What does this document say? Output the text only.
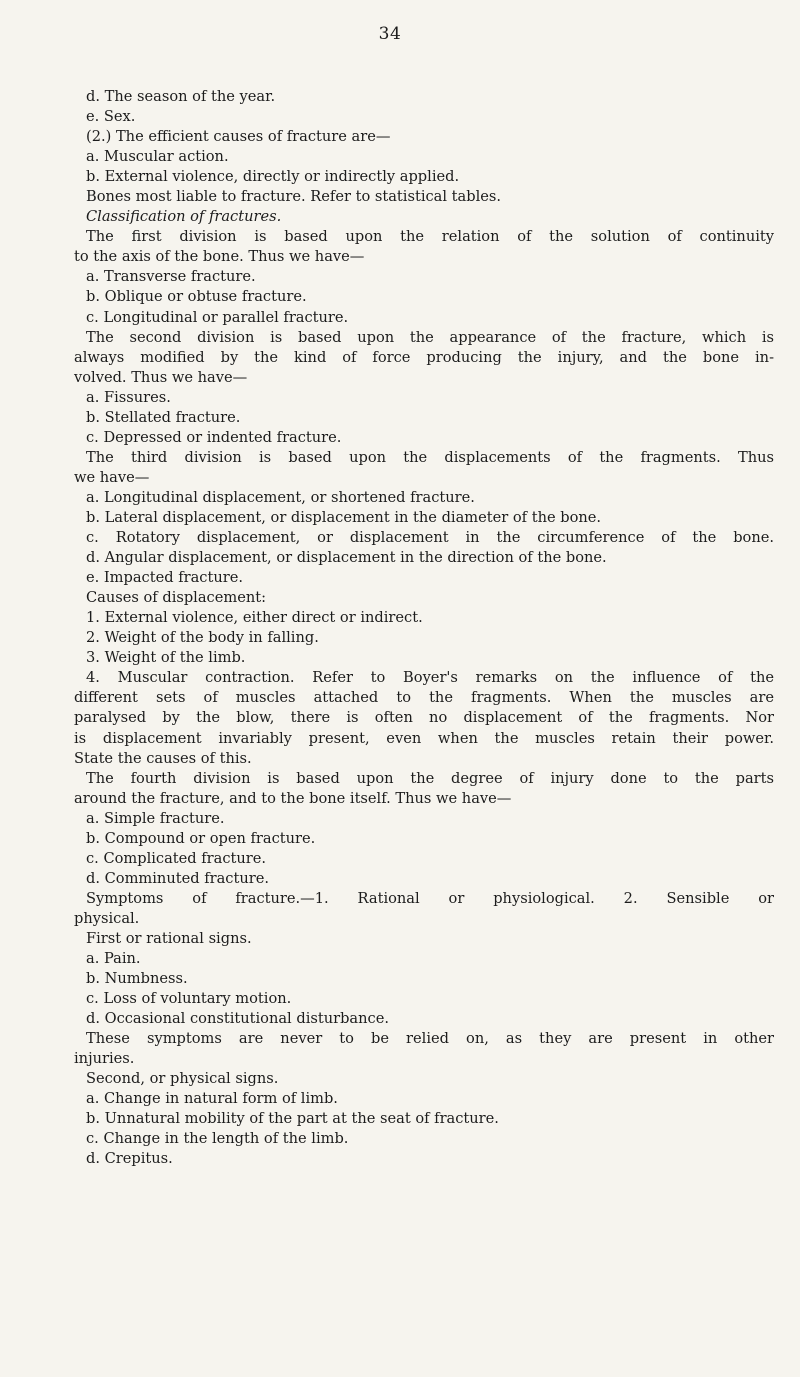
34
d. The season of the year.
e. Sex.
(2.) The efficient causes of fracture are—
a. Muscular action.
b. External violence, directly or indirectly applied.
Bones most liable to fracture. Refer to statistical tables.
Classification of fractures.
The first division is based upon the relation of the solution of continuity
to the axis of the bone. Thus we have—
a. Transverse fracture.
b. Oblique or obtuse fracture.
c. Longitudinal or parallel fracture.
The second division is based upon the appearance of the fracture, which is
always modified by the kind of force producing the injury, and the bone in-
volved. Thus we have—
a. Fissures.
b. Stellated fracture.
c. Depressed or indented fracture.
The third division is based upon the displacements of the fragments. Thus
we have—
a. Longitudinal displacement, or shortened fracture.
b. Lateral displacement, or displacement in the diameter of the bone.
c. Rotatory displacement, or displacement in the circumference of the bone.
d. Angular displacement, or displacement in the direction of the bone.
e. Impacted fracture.
Causes of displacement:
1. External violence, either direct or indirect.
2. Weight of the body in falling.
3. Weight of the limb.
4. Muscular contraction. Refer to Boyer's remarks on the influence of the
different sets of muscles attached to the fragments. When the muscles are
paralysed by the blow, there is often no displacement of the fragments. Nor
is displacement invariably present, even when the muscles retain their power.
State the causes of this.
The fourth division is based upon the degree of injury done to the parts
around the fracture, and to the bone itself. Thus we have—
a. Simple fracture.
b. Compound or open fracture.
c. Complicated fracture.
d. Comminuted fracture.
Symptoms of fracture.—1. Rational or physiological. 2. Sensible or
physical.
First or rational signs.
a. Pain.
b. Numbness.
c. Loss of voluntary motion.
d. Occasional constitutional disturbance.
These symptoms are never to be relied on, as they are present in other
injuries.
Second, or physical signs.
a. Change in natural form of limb.
b. Unnatural mobility of the part at the seat of fracture.
c. Change in the length of the limb.
d. Crepitus.
